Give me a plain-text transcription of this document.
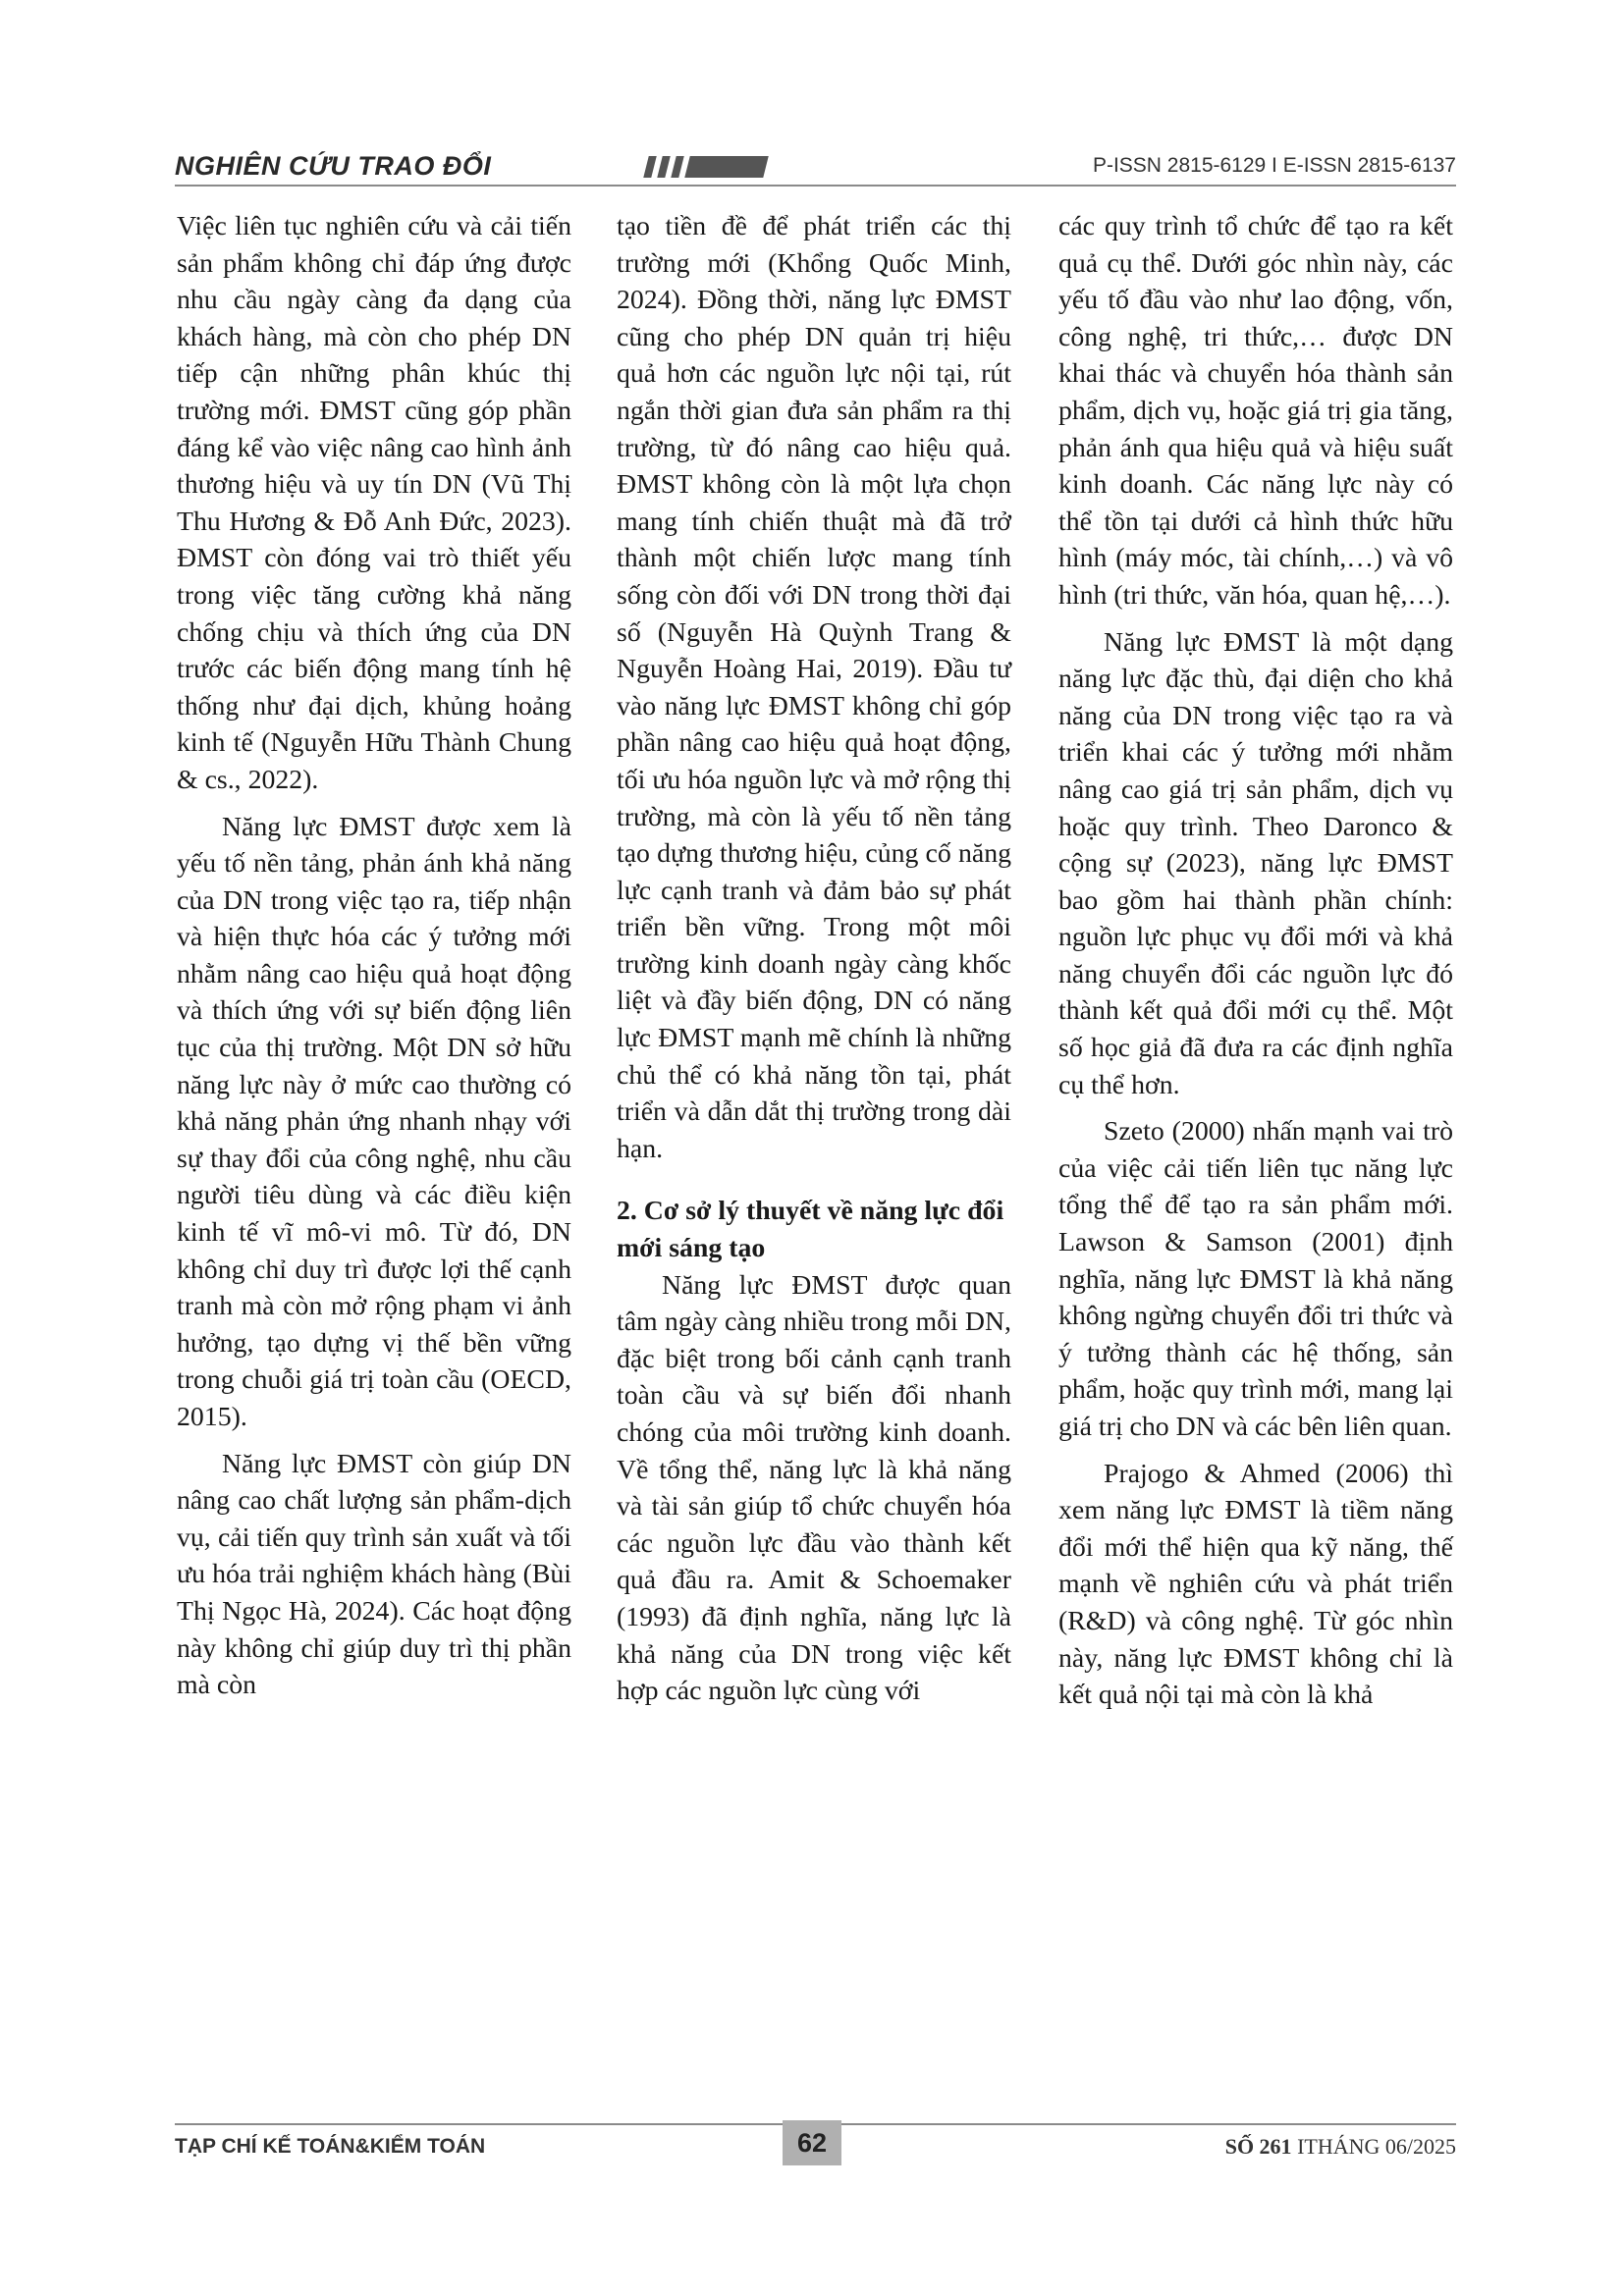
NGHIÊN CỨU TRAO ĐỔI	P-ISSN 2815-6129 I E-ISSN 2815-6137

Việc liên tục nghiên cứu và cải tiến sản phẩm không chỉ đáp ứng được nhu cầu ngày càng đa dạng của khách hàng, mà còn cho phép DN tiếp cận những phân khúc thị trường mới. ĐMST cũng góp phần đáng kể vào việc nâng cao hình ảnh thương hiệu và uy tín DN (Vũ Thị Thu Hương & Đỗ Anh Đức, 2023). ĐMST còn đóng vai trò thiết yếu trong việc tăng cường khả năng chống chịu và thích ứng của DN trước các biến động mang tính hệ thống như đại dịch, khủng hoảng kinh tế (Nguyễn Hữu Thành Chung & cs., 2022).

Năng lực ĐMST được xem là yếu tố nền tảng, phản ánh khả năng của DN trong việc tạo ra, tiếp nhận và hiện thực hóa các ý tưởng mới nhằm nâng cao hiệu quả hoạt động và thích ứng với sự biến động liên tục của thị trường. Một DN sở hữu năng lực này ở mức cao thường có khả năng phản ứng nhanh nhạy với sự thay đổi của công nghệ, nhu cầu người tiêu dùng và các điều kiện kinh tế vĩ mô-vi mô. Từ đó, DN không chỉ duy trì được lợi thế cạnh tranh mà còn mở rộng phạm vi ảnh hưởng, tạo dựng vị thế bền vững trong chuỗi giá trị toàn cầu (OECD, 2015).

Năng lực ĐMST còn giúp DN nâng cao chất lượng sản phẩm-dịch vụ, cải tiến quy trình sản xuất và tối ưu hóa trải nghiệm khách hàng (Bùi Thị Ngọc Hà, 2024). Các hoạt động này không chỉ giúp duy trì thị phần mà còn

tạo tiền đề để phát triển các thị trường mới (Khổng Quốc Minh, 2024). Đồng thời, năng lực ĐMST cũng cho phép DN quản trị hiệu quả hơn các nguồn lực nội tại, rút ngắn thời gian đưa sản phẩm ra thị trường, từ đó nâng cao hiệu quả. ĐMST không còn là một lựa chọn mang tính chiến thuật mà đã trở thành một chiến lược mang tính sống còn đối với DN trong thời đại số (Nguyễn Hà Quỳnh Trang & Nguyễn Hoàng Hai, 2019). Đầu tư vào năng lực ĐMST không chỉ góp phần nâng cao hiệu quả hoạt động, tối ưu hóa nguồn lực và mở rộng thị trường, mà còn là yếu tố nền tảng tạo dựng thương hiệu, củng cố năng lực cạnh tranh và đảm bảo sự phát triển bền vững. Trong một môi trường kinh doanh ngày càng khốc liệt và đầy biến động, DN có năng lực ĐMST mạnh mẽ chính là những chủ thể có khả năng tồn tại, phát triển và dẫn dắt thị trường trong dài hạn.

2. Cơ sở lý thuyết về năng lực đổi mới sáng tạo

Năng lực ĐMST được quan tâm ngày càng nhiều trong mỗi DN, đặc biệt trong bối cảnh cạnh tranh toàn cầu và sự biến đổi nhanh chóng của môi trường kinh doanh. Về tổng thể, năng lực là khả năng và tài sản giúp tổ chức chuyển hóa các nguồn lực đầu vào thành kết quả đầu ra. Amit & Schoemaker (1993) đã định nghĩa, năng lực là khả năng của DN trong việc kết hợp các nguồn lực cùng với

các quy trình tổ chức để tạo ra kết quả cụ thể. Dưới góc nhìn này, các yếu tố đầu vào như lao động, vốn, công nghệ, tri thức,… được DN khai thác và chuyển hóa thành sản phẩm, dịch vụ, hoặc giá trị gia tăng, phản ánh qua hiệu quả và hiệu suất kinh doanh. Các năng lực này có thể tồn tại dưới cả hình thức hữu hình (máy móc, tài chính,…) và vô hình (tri thức, văn hóa, quan hệ,…).

Năng lực ĐMST là một dạng năng lực đặc thù, đại diện cho khả năng của DN trong việc tạo ra và triển khai các ý tưởng mới nhằm nâng cao giá trị sản phẩm, dịch vụ hoặc quy trình. Theo Daronco & cộng sự (2023), năng lực ĐMST bao gồm hai thành phần chính: nguồn lực phục vụ đổi mới và khả năng chuyển đổi các nguồn lực đó thành kết quả đổi mới cụ thể. Một số học giả đã đưa ra các định nghĩa cụ thể hơn.

Szeto (2000) nhấn mạnh vai trò của việc cải tiến liên tục năng lực tổng thể để tạo ra sản phẩm mới. Lawson & Samson (2001) định nghĩa, năng lực ĐMST là khả năng không ngừng chuyển đổi tri thức và ý tưởng thành các hệ thống, sản phẩm, hoặc quy trình mới, mang lại giá trị cho DN và các bên liên quan.

Prajogo & Ahmed (2006) thì xem năng lực ĐMST là tiềm năng đổi mới thể hiện qua kỹ năng, thế mạnh về nghiên cứu và phát triển (R&D) và công nghệ. Từ góc nhìn này, năng lực ĐMST không chỉ là kết quả nội tại mà còn là khả

TẠP CHÍ KẾ TOÁN&KIỂM TOÁN	62	SỐ 261 ITHÁNG 06/2025
